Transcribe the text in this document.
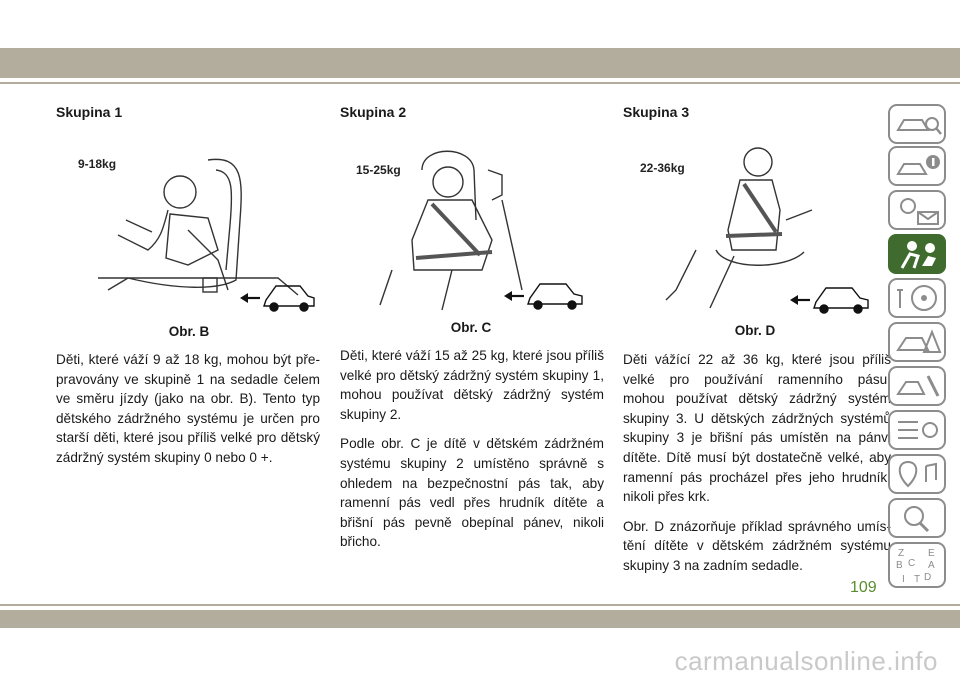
Skupina 1
9-18kg
Obr. B

Děti, které váží 9 až 18 kg, mohou být přepravovány ve skupině 1 na sedadle čelem ve směru jízdy (jako na obr. B). Tento typ dětského zádržného systému je určen pro starší děti, které jsou příliš velké pro dětský zádržný systém skupiny 0 nebo 0 +.

Skupina 2
15-25kg
Obr. C

Děti, které váží 15 až 25 kg, které jsou příliš velké pro dětský zádržný systém skupiny 1, mohou používat dětský zádržný systém skupiny 2.

Podle obr. C je dítě v dětském zádržném systému skupiny 2 umístěno správně s ohledem na bezpečnostní pás tak, aby ramenní pás vedl přes hrudník dítěte a břišní pás pevně obepínal pánev, nikoli břicho.

Skupina 3
22-36kg
Obr. D

Děti vážící 22 až 36 kg, které jsou příliš velké pro používání ramenního pásu, mohou používat dětský zádržný systém skupiny 3. U dětských zádržných systémů skupiny 3 je břišní pás umístěn na pánvi dítěte. Dítě musí být dostatečně velké, aby ramenní pás procházel přes jeho hrudník, nikoli přes krk.

Obr. D znázorňuje příklad správného umístění dítěte v dětském zádržném systému skupiny 3 na zadním sedadle.

Z E
B	A
C
D
I T
109
carmanualsonline.info
